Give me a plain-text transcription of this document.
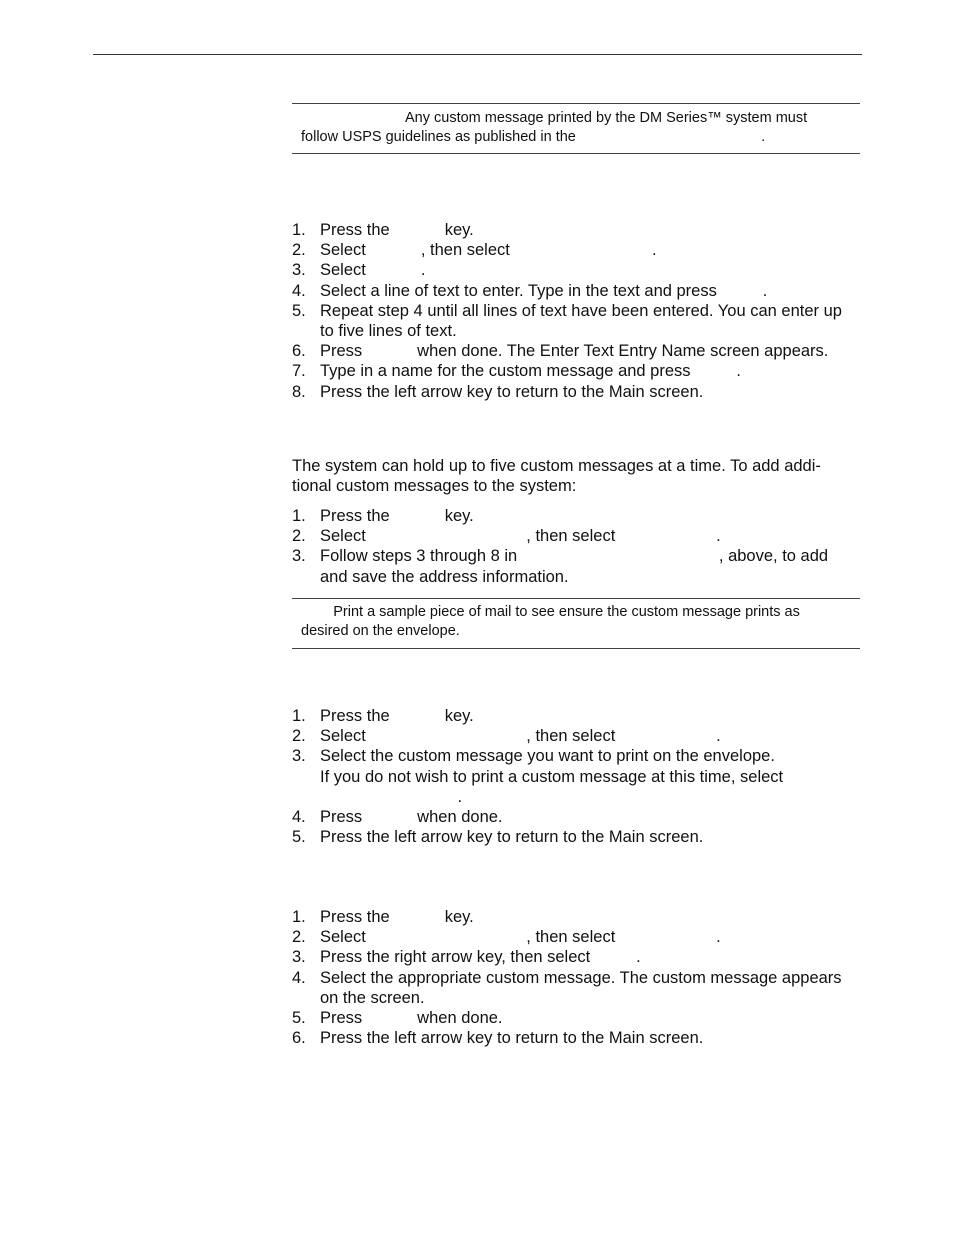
Any custom message printed by the DM Series™ system must
follow USPS guidelines as published in the                                              .
1. Press the            key.
2. Select            , then select                               .
3. Select            .
4. Select a line of text to enter. Type in the text and press          .
5. Repeat step 4 until all lines of text have been entered. You can enter up
to five lines of text.
6. Press            when done. The Enter Text Entry Name screen appears.
7. Type in a name for the custom message and press          .
8. Press the left arrow key to return to the Main screen.
The system can hold up to five custom messages at a time. To add addi-
tional custom messages to the system:
1. Press the            key.
2. Select                                   , then select                      .
3. Follow steps 3 through 8 in                                            , above, to add
and save the address information.
Print a sample piece of mail to see ensure the custom message prints as
desired on the envelope.
1. Press the            key.
2. Select                                   , then select                      .
3. Select the custom message you want to print on the envelope.
If you do not wish to print a custom message at this time, select
.
4. Press            when done.
5. Press the left arrow key to return to the Main screen.
1. Press the            key.
2. Select                                   , then select                      .
3. Press the right arrow key, then select          .
4. Select the appropriate custom message. The custom message appears
on the screen.
5. Press            when done.
6. Press the left arrow key to return to the Main screen.
